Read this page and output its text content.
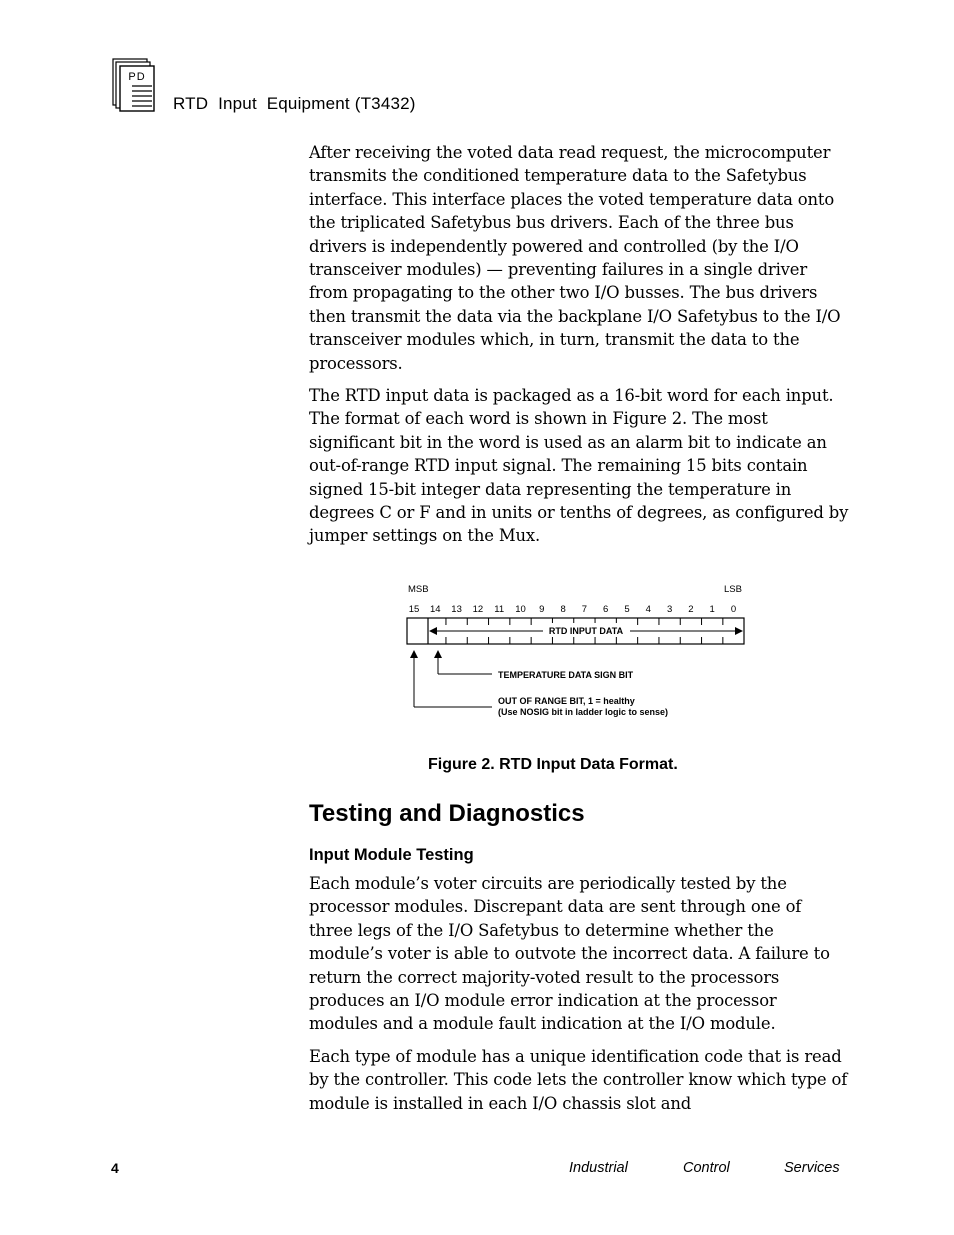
PD
RTD  Input  Equipment (T3432)

After receiving the voted data read request, the microcomputer transmits the conditioned temperature data to the Safetybus interface. This interface places the voted temperature data onto the triplicated Safetybus bus drivers. Each of the three bus drivers is independently powered and controlled (by the I/O transceiver modules) — preventing failures in a single driver from propagating to the other two I/O busses. The bus drivers then transmit the data via the backplane I/O Safetybus to the I/O transceiver modules which, in turn, transmit the data to the processors.

The RTD input data is packaged as a 16-bit word for each input. The format of each word is shown in Figure 2. The most significant bit in the word is used as an alarm bit to indicate an out-of-range RTD input signal. The remaining 15 bits contain signed 15-bit integer data representing the temperature in degrees C or F and in units or tenths of degrees, as configured by jumper settings on the Mux.

MSB	LSB
15 14 13 12 11 10 9 8 7 6 5 4 3 2 1 0
RTD INPUT DATA
TEMPERATURE DATA SIGN BIT
OUT OF RANGE BIT, 1 = healthy
(Use NOSIG bit in ladder logic to sense)
Figure 2. RTD Input Data Format.
Testing and Diagnostics
Input Module Testing

Each module’s voter circuits are periodically tested by the processor modules. Discrepant data are sent through one of three legs of the I/O Safetybus to determine whether the module’s voter is able to outvote the incorrect data. A failure to return the correct majority-voted result to the processors produces an I/O module error indication at the processor modules and a module fault indication at the I/O module.

Each type of module has a unique identification code that is read by the controller. This code lets the controller know which type of module is installed in each I/O chassis slot and

4	Industrial	Control	Services
